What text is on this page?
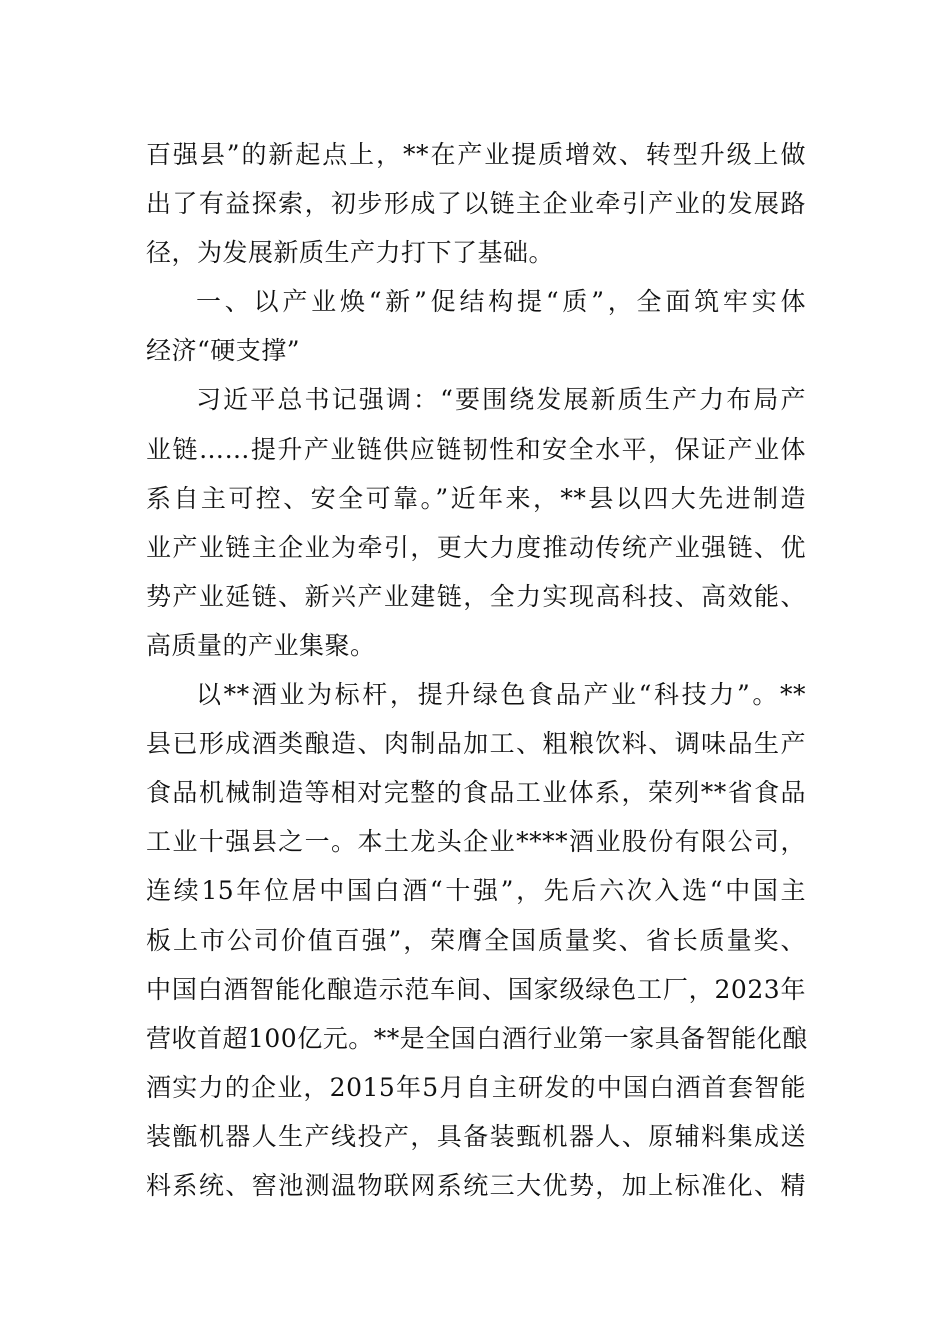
百强县”的新起点上，**在产业提质增效、转型升级上做
出了有益探索，初步形成了以链主企业牵引产业的发展路
径，为发展新质生产力打下了基础。
一、以产业焕“新”促结构提“质”，全面筑牢实体
经济“硬支撑”
习近平总书记强调：“要围绕发展新质生产力布局产
业链……提升产业链供应链韧性和安全水平，保证产业体
系自主可控、安全可靠。”近年来，**县以四大先进制造
业产业链主企业为牵引，更大力度推动传统产业强链、优
势产业延链、新兴产业建链，全力实现高科技、高效能、
高质量的产业集聚。
以**酒业为标杆，提升绿色食品产业“科技力”。**
县已形成酒类酿造、肉制品加工、粗粮饮料、调味品生产
食品机械制造等相对完整的食品工业体系，荣列**省食品
工业十强县之一。本土龙头企业****酒业股份有限公司，
连续15年位居中国白酒“十强”，先后六次入选“中国主
板上市公司价值百强”，荣膺全国质量奖、省长质量奖、
中国白酒智能化酿造示范车间、国家级绿色工厂，2023年
营收首超100亿元。**是全国白酒行业第一家具备智能化酿
酒实力的企业，2015年5月自主研发的中国白酒首套智能
装甑机器人生产线投产，具备装甄机器人、原辅料集成送
料系统、窖池测温物联网系统三大优势，加上标准化、精
